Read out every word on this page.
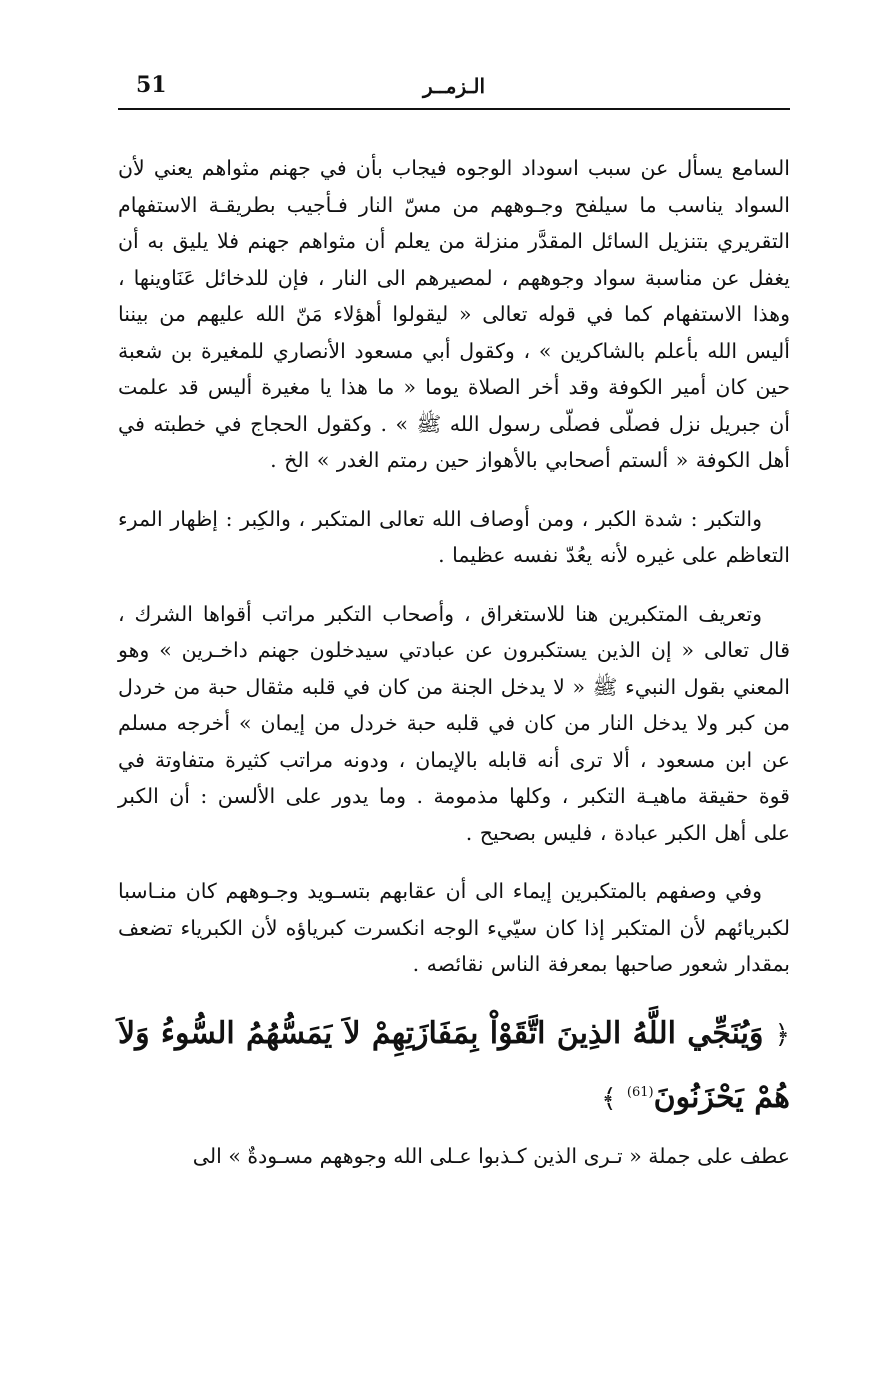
51	الـزمــر

السامع يسأل عن سبب اسوداد الوجوه فيجاب بأن في جهنم مثواهم يعني لأن السواد يناسب ما سيلفح وجـوههم من مسّ النار فـأجيب بطريقـة الاستفهام التقريري بتنزيل السائل المقدَّر منزلة من يعلم أن مثواهم جهنم فلا يليق به أن يغفل عن مناسبة سواد وجوههم ، لمصيرهم الى النار ، فإن للدخائل عَنَاوينها ، وهذا الاستفهام كما في قوله تعالى « ليقولوا أهؤلاء مَنّ الله عليهم من بيننا أليس الله بأعلم بالشاكرين » ، وكقول أبي مسعود الأنصاري للمغيرة بن شعبة حين كان أمير الكوفة وقد أخر الصلاة يوما « ما هذا يا مغيرة أليس قد علمت أن جبريل نزل فصلّى فصلّى رسول الله ﷺ » . وكقول الحجاج في خطبته في أهل الكوفة « ألستم أصحابي بالأهواز حين رمتم الغدر » الخ .

والتكبر : شدة الكبر ، ومن أوصاف الله تعالى المتكبر ، والكِبر : إظهار المرء التعاظم على غيره لأنه يعُدّ نفسه عظيما .

وتعريف المتكبرين هنا للاستغراق ، وأصحاب التكبر مراتب أقواها الشرك ، قال تعالى « إن الذين يستكبرون عن عبادتي سيدخلون جهنم داخـرين » وهو المعني بقول النبيء ﷺ « لا يدخل الجنة من كان في قلبه مثقال حبة من خردل من كبر ولا يدخل النار من كان في قلبه حبة خردل من إيمان » أخرجه مسلم عن ابن مسعود ، ألا ترى أنه قابله بالإيمان ، ودونه مراتب كثيرة متفاوتة في قوة حقيقة ماهيـة التكبر ، وكلها مذمومة . وما يدور على الألسن : أن الكبر على أهل الكبر عبادة ، فليس بصحيح .

وفي وصفهم بالمتكبرين إيماء الى أن عقابهم بتسـويد وجـوههم كان منـاسبا لكبريائهم لأن المتكبر إذا كان سيّيء الوجه انكسرت كبرياؤه لأن الكبرياء تضعف بمقدار شعور صاحبها بمعرفة الناس نقائصه .

﴿ وَيُنَجِّي اللَّهُ الذِينَ اتَّقَوْاْ بِمَفَازَتِهِمْ لاَ يَمَسُّهُمُ السُّوءُ وَلاَ هُمْ يَحْزَنُونَ$^{(61)}$ ﴾

عطف على جملة « تـرى الذين كـذبوا عـلى الله وجوههم مسـودةٌ » الى
